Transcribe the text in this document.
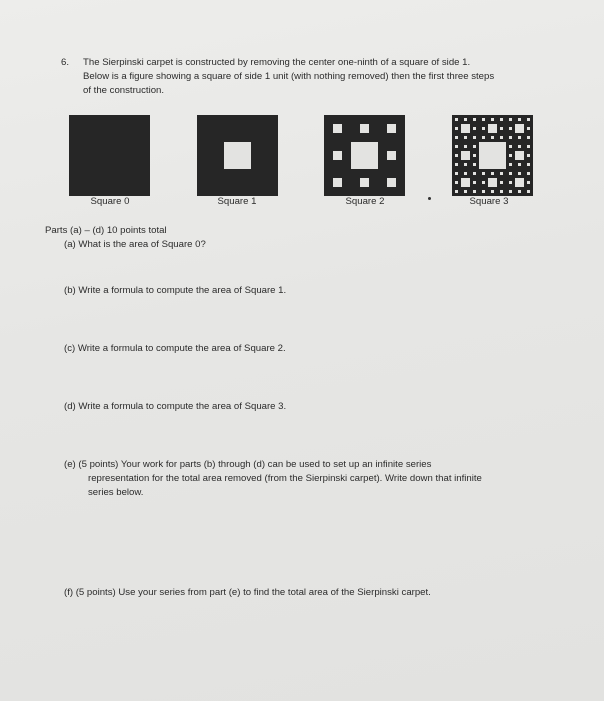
6. The Sierpinski carpet is constructed by removing the center one-ninth of a square of side 1.
Below is a figure showing a square of side 1 unit (with nothing removed) then the first three steps
of the construction.
Square 0	Square 1	Square 2	Square 3
Parts (a) – (d) 10 points total
(a) What is the area of Square 0?
(b) Write a formula to compute the area of Square 1.
(c) Write a formula to compute the area of Square 2.
(d) Write a formula to compute the area of Square 3.
(e) (5 points) Your work for parts (b) through (d) can be used to set up an infinite series
representation for the total area removed (from the Sierpinski carpet). Write down that infinite
series below.
(f) (5 points) Use your series from part (e) to find the total area of the Sierpinski carpet.
